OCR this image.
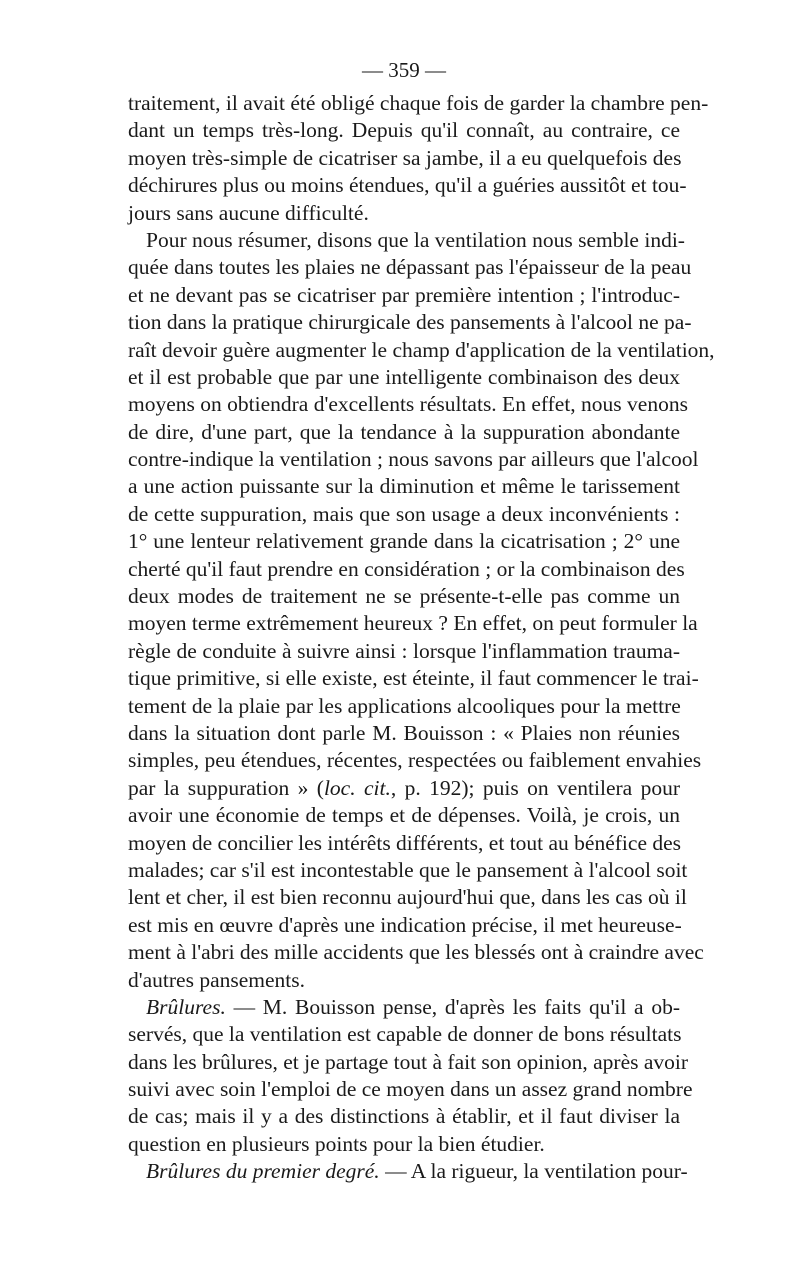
— 359 —
traitement, il avait été obligé chaque fois de garder la chambre pen-
dant un temps très-long. Depuis qu'il connaît, au contraire, ce
moyen très-simple de cicatriser sa jambe, il a eu quelquefois des
déchirures plus ou moins étendues, qu'il a guéries aussitôt et tou-
jours sans aucune difficulté.
Pour nous résumer, disons que la ventilation nous semble indi-
quée dans toutes les plaies ne dépassant pas l'épaisseur de la peau
et ne devant pas se cicatriser par première intention ; l'introduc-
tion dans la pratique chirurgicale des pansements à l'alcool ne pa-
raît devoir guère augmenter le champ d'application de la ventilation,
et il est probable que par une intelligente combinaison des deux
moyens on obtiendra d'excellents résultats. En effet, nous venons
de dire, d'une part, que la tendance à la suppuration abondante
contre-indique la ventilation ; nous savons par ailleurs que l'alcool
a une action puissante sur la diminution et même le tarissement
de cette suppuration, mais que son usage a deux inconvénients :
1° une lenteur relativement grande dans la cicatrisation ; 2° une
cherté qu'il faut prendre en considération ; or la combinaison des
deux modes de traitement ne se présente-t-elle pas comme un
moyen terme extrêmement heureux ? En effet, on peut formuler la
règle de conduite à suivre ainsi : lorsque l'inflammation trauma-
tique primitive, si elle existe, est éteinte, il faut commencer le trai-
tement de la plaie par les applications alcooliques pour la mettre
dans la situation dont parle M. Bouisson : « Plaies non réunies
simples, peu étendues, récentes, respectées ou faiblement envahies
par la suppuration » (loc. cit., p. 192); puis on ventilera pour
avoir une économie de temps et de dépenses. Voilà, je crois, un
moyen de concilier les intérêts différents, et tout au bénéfice des
malades; car s'il est incontestable que le pansement à l'alcool soit
lent et cher, il est bien reconnu aujourd'hui que, dans les cas où il
est mis en œuvre d'après une indication précise, il met heureuse-
ment à l'abri des mille accidents que les blessés ont à craindre avec
d'autres pansements.
Brûlures. — M. Bouisson pense, d'après les faits qu'il a ob-
servés, que la ventilation est capable de donner de bons résultats
dans les brûlures, et je partage tout à fait son opinion, après avoir
suivi avec soin l'emploi de ce moyen dans un assez grand nombre
de cas; mais il y a des distinctions à établir, et il faut diviser la
question en plusieurs points pour la bien étudier.
Brûlures du premier degré. — A la rigueur, la ventilation pour-
